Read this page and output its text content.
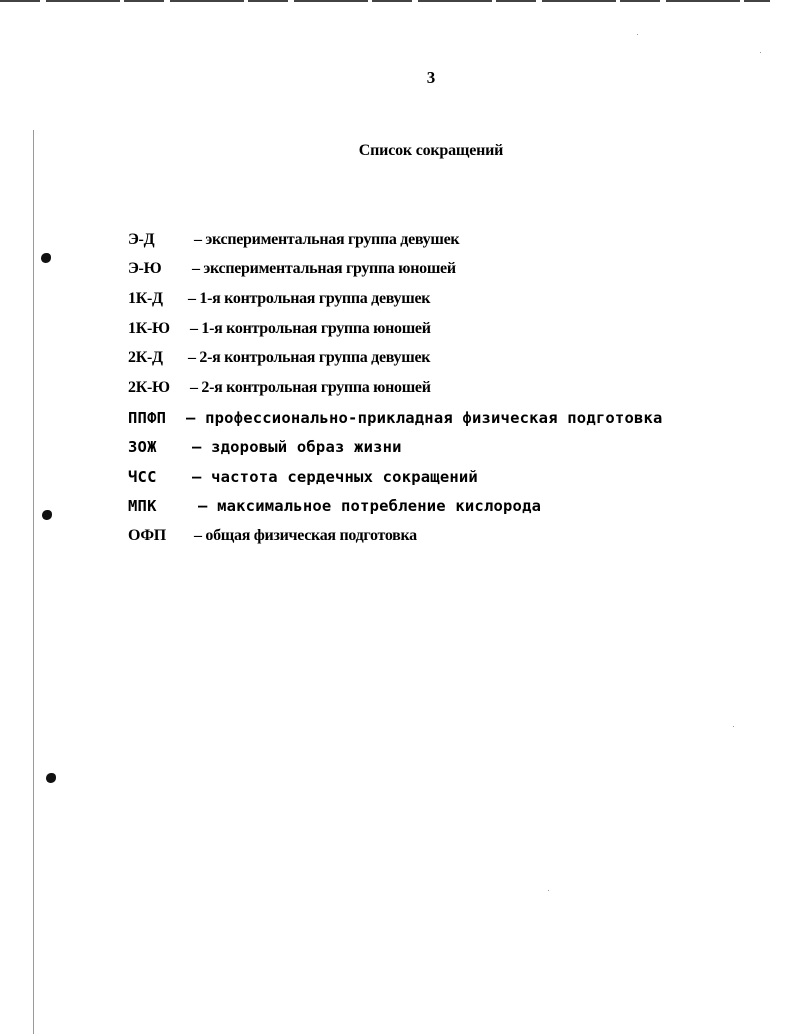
3
Список сокращений
Э-Д – экспериментальная группа девушек
Э-Ю – экспериментальная группа юношей
1К-Д – 1-я контрольная группа девушек
1К-Ю – 1-я контрольная группа юношей
2К-Д – 2-я контрольная группа девушек
2К-Ю – 2-я контрольная группа юношей
ППФП – профессионально-прикладная физическая подготовка
ЗОЖ – здоровый образ жизни
ЧСС – частота сердечных сокращений
МПК	– максимальное потребление кислорода
ОФП – общая физическая подготовка
